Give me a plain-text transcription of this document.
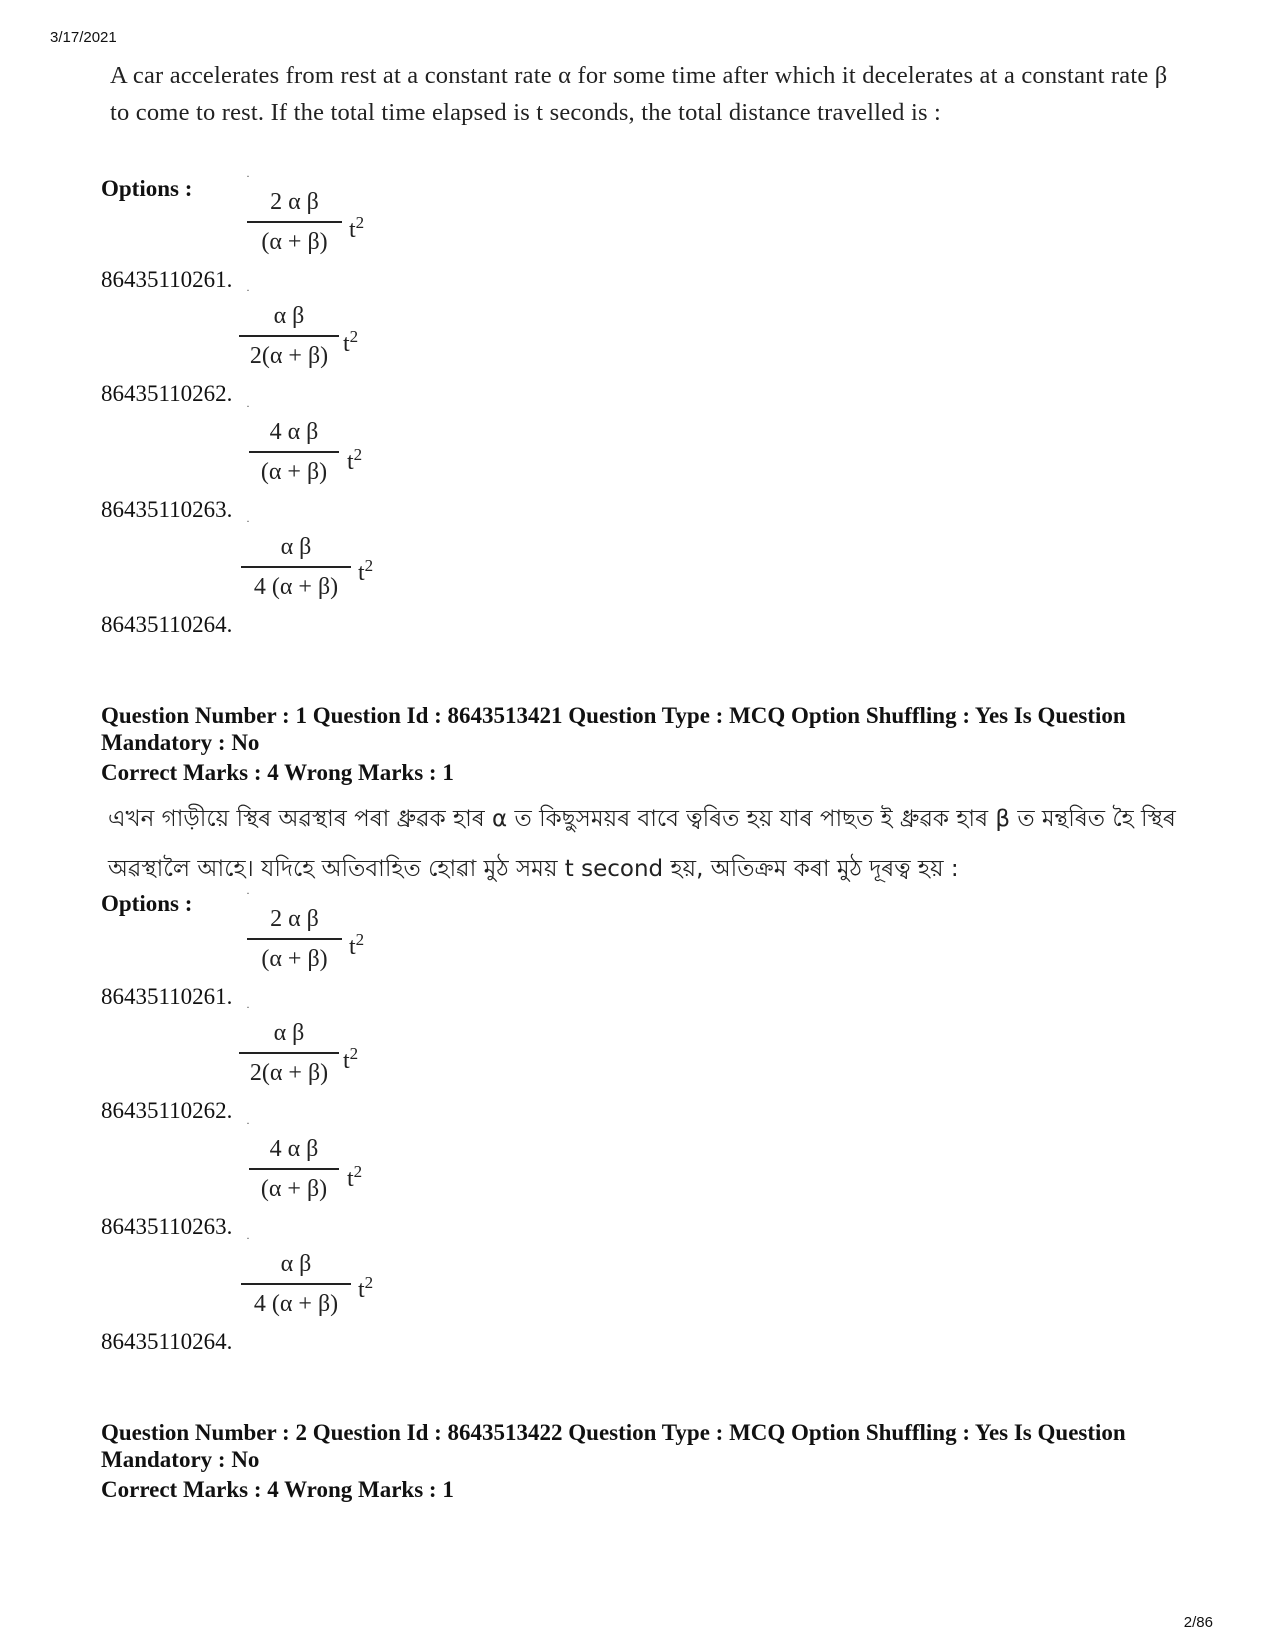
3/17/2021
2/86
A car accelerates from rest at a constant rate α for some time after which it decelerates at a constant rate β to come to rest. If the total time elapsed is t seconds, the total distance travelled is :
Options :	·
2 α β
(α + β) $t^2$
86435110261. ·
α β
2(α + β) $t^2$
86435110262. ·
4 α β
(α + β) $t^2$
86435110263. ·
α β
4 (α + β)
$t^2$
86435110264.
Question Number : 1 Question Id : 8643513421 Question Type : MCQ Option Shuffling : Yes Is Question
Mandatory : No
Correct Marks : 4 Wrong Marks : 1
এখন গাড়ীয়ে স্থিৰ অৱস্থাৰ পৰা ধ্রুৱক হাৰ α ত কিছুসময়ৰ বাবে ত্বৰিত হয় যাৰ পাছত ই ধ্রুৱক হাৰ β ত মন্থৰিত হৈ স্থিৰ
অৱস্থালৈ আহে। যদিহে অতিবাহিত হোৱা মুঠ সময় t second হয়, অতিক্রম কৰা মুঠ দূৰত্ব হয় :
Options :	·
2 α β
(α + β) $t^2$
86435110261. ·
α β
2(α + β) $t^2$
86435110262. ·
4 α β
(α + β) $t^2$
86435110263. ·
α β
4 (α + β)
$t^2$
86435110264.
Question Number : 2 Question Id : 8643513422 Question Type : MCQ Option Shuffling : Yes Is Question
Mandatory : No
Correct Marks : 4 Wrong Marks : 1
